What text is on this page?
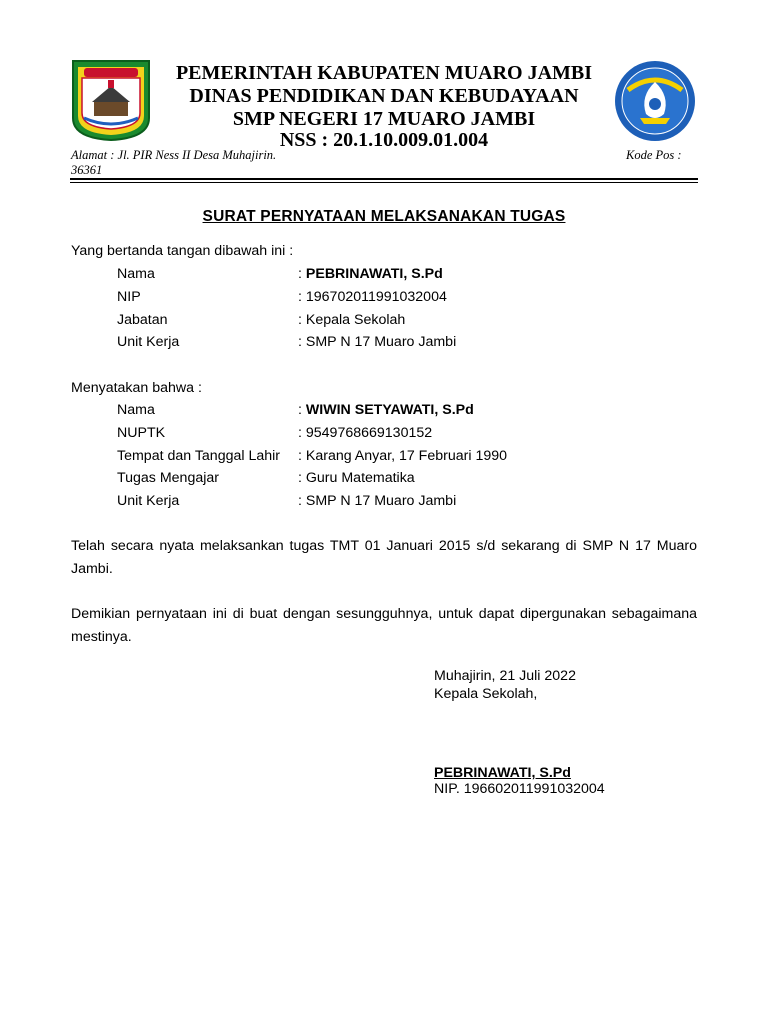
PEMERINTAH KABUPATEN MUARO JAMBI
DINAS PENDIDIKAN DAN KEBUDAYAAN
SMP NEGERI 17 MUARO JAMBI
NSS : 20.1.10.009.01.004
Alamat : Jl. PIR Ness II Desa Muhajirin.
36361
Kode Pos :
SURAT PERNYATAAN MELAKSANAKAN TUGAS
Yang bertanda tangan dibawah ini :
Nama	: PEBRINAWATI, S.Pd
NIP	: 196702011991032004
Jabatan	: Kepala Sekolah
Unit Kerja	: SMP N 17 Muaro Jambi
Menyatakan bahwa :
Nama	: WIWIN SETYAWATI, S.Pd
NUPTK	: 9549768669130152
Tempat dan Tanggal Lahir : Karang Anyar, 17 Februari 1990
Tugas Mengajar	: Guru Matematika
Unit Kerja	: SMP N 17 Muaro Jambi
Telah secara nyata melaksankan tugas TMT 01 Januari 2015 s/d sekarang di SMP N 17 Muaro Jambi.
Demikian pernyataan ini di buat dengan sesungguhnya, untuk dapat dipergunakan sebagaimana mestinya.
Muhajirin, 21 Juli 2022
Kepala Sekolah,
PEBRINAWATI, S.Pd
NIP. 196602011991032004
